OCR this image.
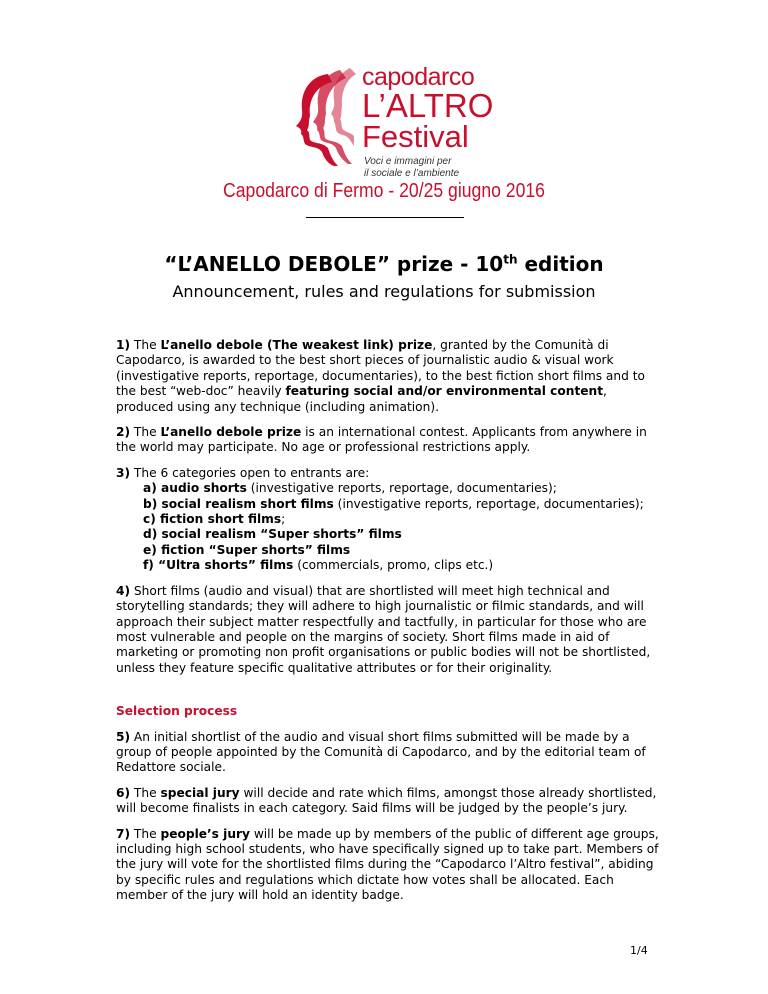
capodarco
L’ALTRO
Festival
Voci e immagini per
il sociale e l’ambiente
Capodarco di Fermo - 20/25 giugno 2016
“L’ANELLO DEBOLE” prize - 10th edition
Announcement, rules and regulations for submission

1) The L’anello debole (The weakest link) prize, granted by the Comunità di Capodarco, is awarded to the best short pieces of journalistic audio & visual work (investigative reports, reportage, documentaries), to the best fiction short films and to the best “web-doc” heavily featuring social and/or environmental content, produced using any technique (including animation).

2) The L’anello debole prize is an international contest. Applicants from anywhere in the world may participate. No age or professional restrictions apply.

3) The 6 categories open to entrants are:

a) audio shorts (investigative reports, reportage, documentaries);
b) social realism short films (investigative reports, reportage, documentaries);
c) fiction short films;
d) social realism “Super shorts” films
e) fiction “Super shorts” films
f) “Ultra shorts” films (commercials, promo, clips etc.)

4) Short films (audio and visual) that are shortlisted will meet high technical and storytelling standards; they will adhere to high journalistic or filmic standards, and will approach their subject matter respectfully and tactfully, in particular for those who are most vulnerable and people on the margins of society. Short films made in aid of marketing or promoting non profit organisations or public bodies will not be shortlisted, unless they feature specific qualitative attributes or for their originality.

Selection process

5) An initial shortlist of the audio and visual short films submitted will be made by a group of people appointed by the Comunità di Capodarco, and by the editorial team of Redattore sociale.

6) The special jury will decide and rate which films, amongst those already shortlisted, will become finalists in each category. Said films will be judged by the people’s jury.

7) The people’s jury will be made up by members of the public of different age groups, including high school students, who have specifically signed up to take part. Members of the jury will vote for the shortlisted films during the “Capodarco l’Altro festival”, abiding by specific rules and regulations which dictate how votes shall be allocated. Each member of the jury will hold an identity badge.

1/4
